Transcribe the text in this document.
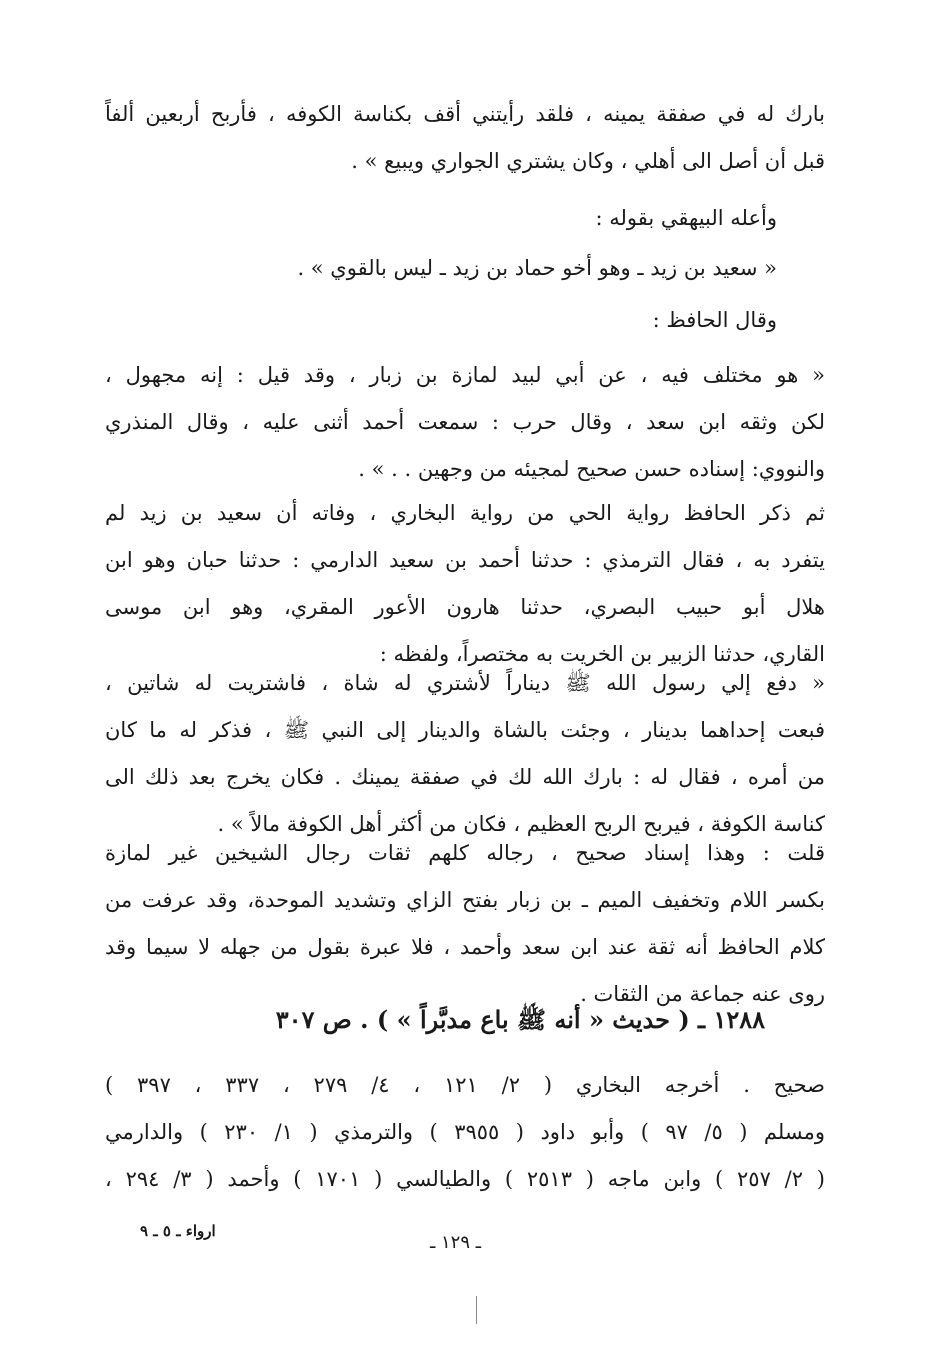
بارك له في صفقة يمينه ، فلقد رأيتني أقف بكناسة الكوفه ، فأربح أربعين ألفاً
قبل أن أصل الى أهلي ، وكان يشتري الجواري ويبيع » .
وأعله البيهقي بقوله :
« سعيد بن زيد ـ وهو أخو حماد بن زيد ـ ليس بالقوي » .
وقال الحافظ :
« هو مختلف فيه ، عن أبي لبيد لمازة بن زبار ، وقد قيل : إنه مجهول ،
لكن وثقه ابن سعد ، وقال حرب : سمعت أحمد أثنى عليه ، وقال المنذري
والنووي: إسناده حسن صحيح لمجيئه من وجهين . . » .
ثم ذكر الحافظ رواية الحي من رواية البخاري ، وفاته أن سعيد بن زيد لم
يتفرد به ، فقال الترمذي : حدثنا أحمد بن سعيد الدارمي : حدثنا حبان وهو ابن
هلال أبو حبيب البصري، حدثنا هارون الأعور المقري، وهو ابن موسى
القاري، حدثنا الزبير بن الخريت به مختصراً، ولفظه :
« دفع إلي رسول الله ﷺ ديناراً لأشتري له شاة ، فاشتريت له شاتين ،
فبعت إحداهما بدينار ، وجئت بالشاة والدينار إلى النبي ﷺ ، فذكر له ما كان
من أمره ، فقال له : بارك الله لك في صفقة يمينك . فكان يخرج بعد ذلك الى
كناسة الكوفة ، فيربح الربح العظيم ، فكان من أكثر أهل الكوفة مالاً » .
قلت : وهذا إسناد صحيح ، رجاله كلهم ثقات رجال الشيخين غير لمازة
بكسر اللام وتخفيف الميم ـ بن زبار بفتح الزاي وتشديد الموحدة، وقد عرفت من
كلام الحافظ أنه ثقة عند ابن سعد وأحمد ، فلا عبرة بقول من جهله لا سيما وقد
روى عنه جماعة من الثقات .
١٢٨٨ ـ ( حديث « أنه ﷺ باع مدبَّراً » ) . ص ٣٠٧
صحيح . أخرجه البخاري ( ٢/ ١٢١ ، ٤/ ٢٧٩ ، ٣٣٧ ، ٣٩٧ )
ومسلم ( ٥/ ٩٧ ) وأبو داود ( ٣٩٥٥ ) والترمذي ( ١/ ٢٣٠ ) والدارمي
( ٢/ ٢٥٧ ) وابن ماجه ( ٢٥١٣ ) والطيالسي ( ١٧٠١ ) وأحمد ( ٣/ ٢٩٤ ،
ارواء ـ ٥ ـ ٩
ـ ١٢٩ ـ
